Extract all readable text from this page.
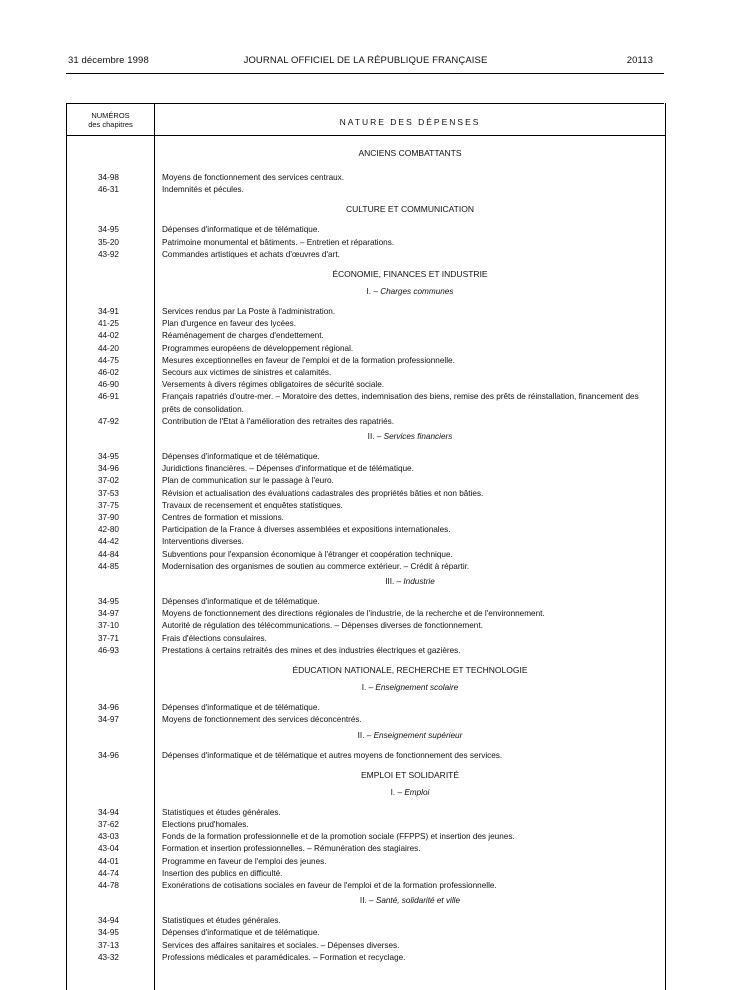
31 décembre 1998	JOURNAL OFFICIEL DE LA RÉPUBLIQUE FRANÇAISE	20113
NUMÉROS
des chapitres	NATURE DES DÉPENSES
ANCIENS COMBATTANTS
34-98	Moyens de fonctionnement des services centraux.
46-31	Indemnités et pécules.
CULTURE ET COMMUNICATION
34-95	Dépenses d'informatique et de télématique.
35-20	Patrimoine monumental et bâtiments. – Entretien et réparations.
43-92	Commandes artistiques et achats d'œuvres d'art.
ÉCONOMIE, FINANCES ET INDUSTRIE
I. – Charges communes
34-91	Services rendus par La Poste à l'administration.
41-25	Plan d'urgence en faveur des lycées.
44-02	Réaménagement de charges d'endettement.
44-20	Programmes européens de développement régional.
44-75	Mesures exceptionnelles en faveur de l'emploi et de la formation professionnelle.
46-02	Secours aux victimes de sinistres et calamités.
46-90	Versements à divers régimes obligatoires de sécurité sociale.
46-91	Français rapatriés d'outre-mer. – Moratoire des dettes, indemnisation des biens, remise des prêts de réinstallation, financement des prêts de consolidation.
47-92	Contribution de l'Etat à l'amélioration des retraites des rapatriés.
II. – Services financiers
34-95	Dépenses d'informatique et de télématique.
34-96	Juridictions financières. – Dépenses d'informatique et de télématique.
37-02	Plan de communication sur le passage à l'euro.
37-53	Révision et actualisation des évaluations cadastrales des propriétés bâties et non bâties.
37-75	Travaux de recensement et enquêtes statistiques.
37-90	Centres de formation et missions.
42-80	Participation de la France à diverses assemblées et expositions internationales.
44-42	Interventions diverses.
44-84	Subventions pour l'expansion économique à l'étranger et coopération technique.
44-85	Modernisation des organismes de soutien au commerce extérieur. – Crédit à répartir.
III. – Industrie
34-95	Dépenses d'informatique et de télématique.
34-97	Moyens de fonctionnement des directions régionales de l'industrie, de la recherche et de l'environnement.
37-10	Autorité de régulation des télécommunications. – Dépenses diverses de fonctionnement.
37-71	Frais d'élections consulaires.
46-93	Prestations à certains retraités des mines et des industries électriques et gazières.
ÉDUCATION NATIONALE, RECHERCHE ET TECHNOLOGIE
I. – Enseignement scolaire
34-96	Dépenses d'informatique et de télématique.
34-97	Moyens de fonctionnement des services déconcentrés.
II. – Enseignement supérieur
34-96	Dépenses d'informatique et de télématique et autres moyens de fonctionnement des services.
EMPLOI ET SOLIDARITÉ
I. – Emploi
34-94	Statistiques et études générales.
37-62	Elections prud'homales.
43-03	Fonds de la formation professionnelle et de la promotion sociale (FFPPS) et insertion des jeunes.
43-04	Formation et insertion professionnelles. – Rémunération des stagiaires.
44-01	Programme en faveur de l'emploi des jeunes.
44-74	Insertion des publics en difficulté.
44-78	Exonérations de cotisations sociales en faveur de l'emploi et de la formation professionnelle.
II. – Santé, solidarité et ville
34-94	Statistiques et études générales.
34-95	Dépenses d'informatique et de télématique.
37-13	Services des affaires sanitaires et sociales. – Dépenses diverses.
43-32	Professions médicales et paramédicales. – Formation et recyclage.
